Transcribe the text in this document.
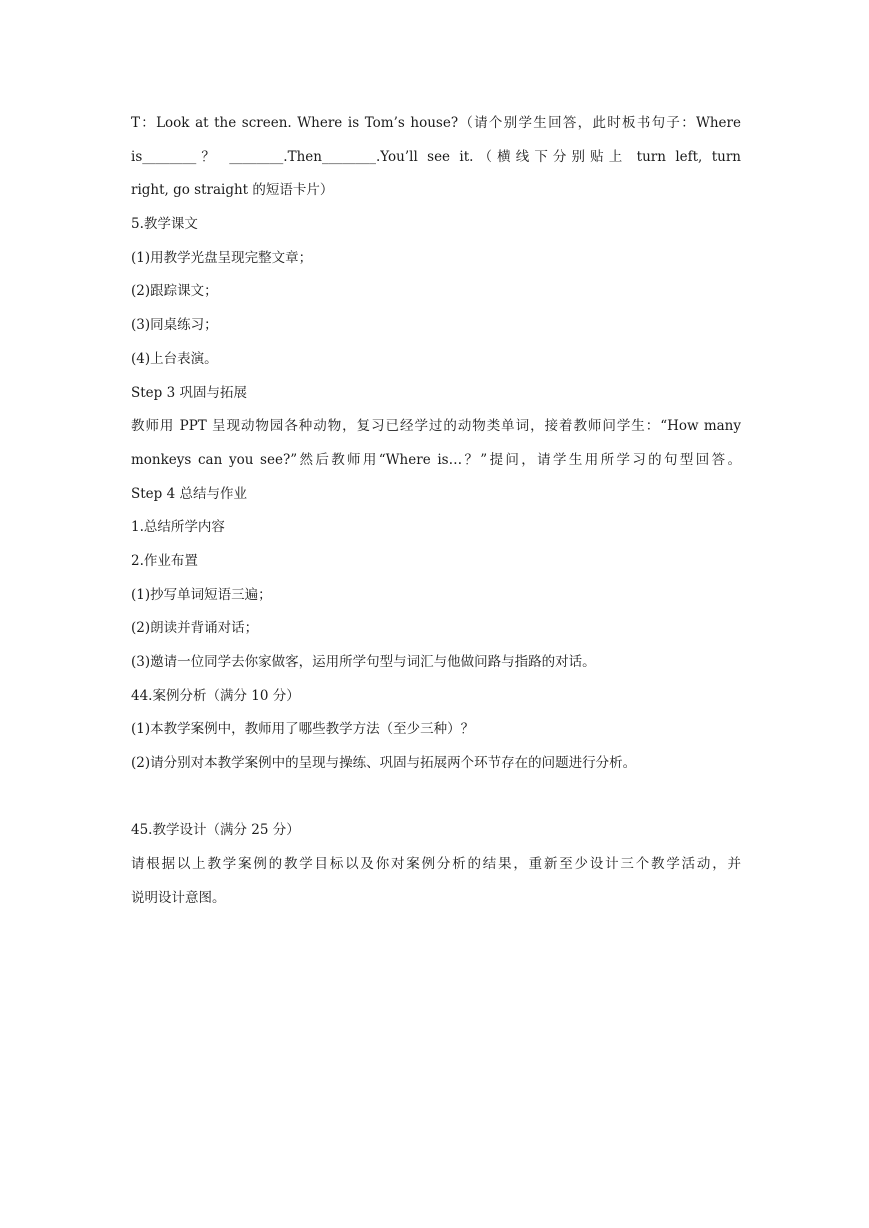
T：Look at the screen. Where is Tom’s house?（请个别学生回答，此时板书句子：Where
is________？ ________.Then________.You’ll see it.（横线下分别贴上 turn left, turn
right, go straight 的短语卡片）
5.教学课文
(1)用教学光盘呈现完整文章；
(2)跟踪课文；
(3)同桌练习；
(4)上台表演。
Step 3 巩固与拓展
教师用 PPT 呈现动物园各种动物，复习已经学过的动物类单词，接着教师问学生：“How many
monkeys can you see?”然后教师用“Where is…？”提问，请学生用所学习的句型回答。
Step 4 总结与作业
1.总结所学内容
2.作业布置
(1)抄写单词短语三遍；
(2)朗读并背诵对话；
(3)邀请一位同学去你家做客，运用所学句型与词汇与他做问路与指路的对话。
44.案例分析（满分 10 分）
(1)本教学案例中，教师用了哪些教学方法（至少三种）？
(2)请分别对本教学案例中的呈现与操练、巩固与拓展两个环节存在的问题进行分析。
45.教学设计（满分 25 分）
请根据以上教学案例的教学目标以及你对案例分析的结果，重新至少设计三个教学活动，并
说明设计意图。
